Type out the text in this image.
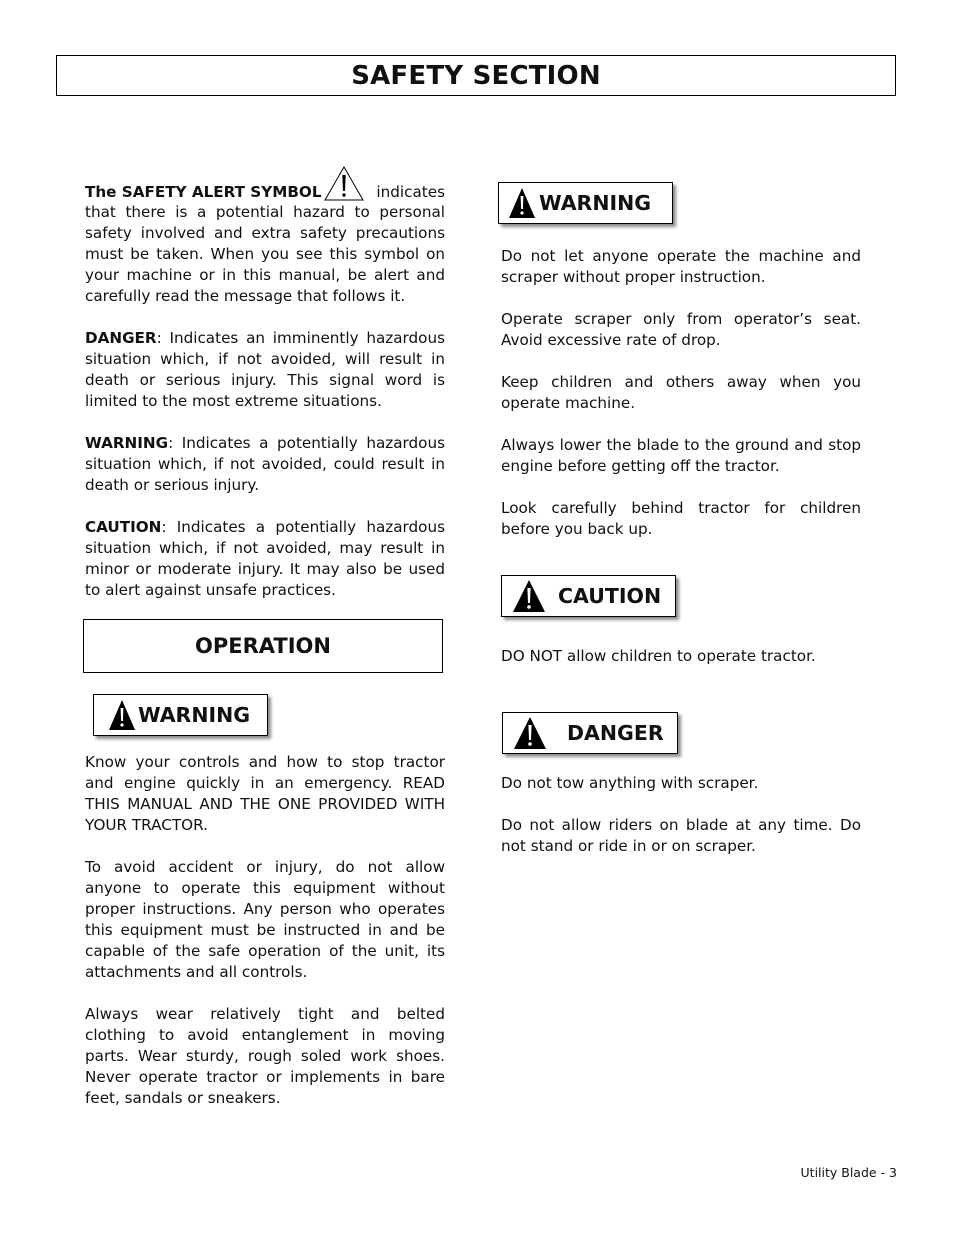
SAFETY SECTION

The SAFETY ALERT SYMBOL	indicates

that there is a potential hazard to personal safety involved and extra safety precautions must be taken. When you see this symbol on your machine or in this manual, be alert and carefully read the message that follows it.

DANGER: Indicates an imminently hazardous situation which, if not avoided, will result in death or serious injury. This signal word is limited to the most extreme situations.

WARNING: Indicates a potentially hazardous situation which, if not avoided, could result in death or serious injury.

CAUTION: Indicates a potentially hazardous situation which, if not avoided, may result in minor or moderate injury. It may also be used to alert against unsafe practices.

OPERATION
WARNING

Know your controls and how to stop tractor and engine quickly in an emergency. READ THIS MANUAL AND THE ONE PROVIDED WITH YOUR TRACTOR.

To avoid accident or injury, do not allow anyone to operate this equipment without proper instructions. Any person who operates this equipment must be instructed in and be capable of the safe operation of the unit, its attachments and all controls.

Always wear relatively tight and belted clothing to avoid entanglement in moving parts. Wear sturdy, rough soled work shoes. Never operate tractor or implements in bare feet, sandals or sneakers.

WARNING

Do not let anyone operate the machine and scraper without proper instruction.

Operate scraper only from operator’s seat. Avoid excessive rate of drop.

Keep children and others away when you operate machine.

Always lower the blade to the ground and stop engine before getting off the tractor.

Look carefully behind tractor for children before you back up.

CAUTION

DO NOT allow children to operate tractor.

DANGER

Do not tow anything with scraper.

Do not allow riders on blade at any time. Do not stand or ride in or on scraper.

Utility Blade - 3
